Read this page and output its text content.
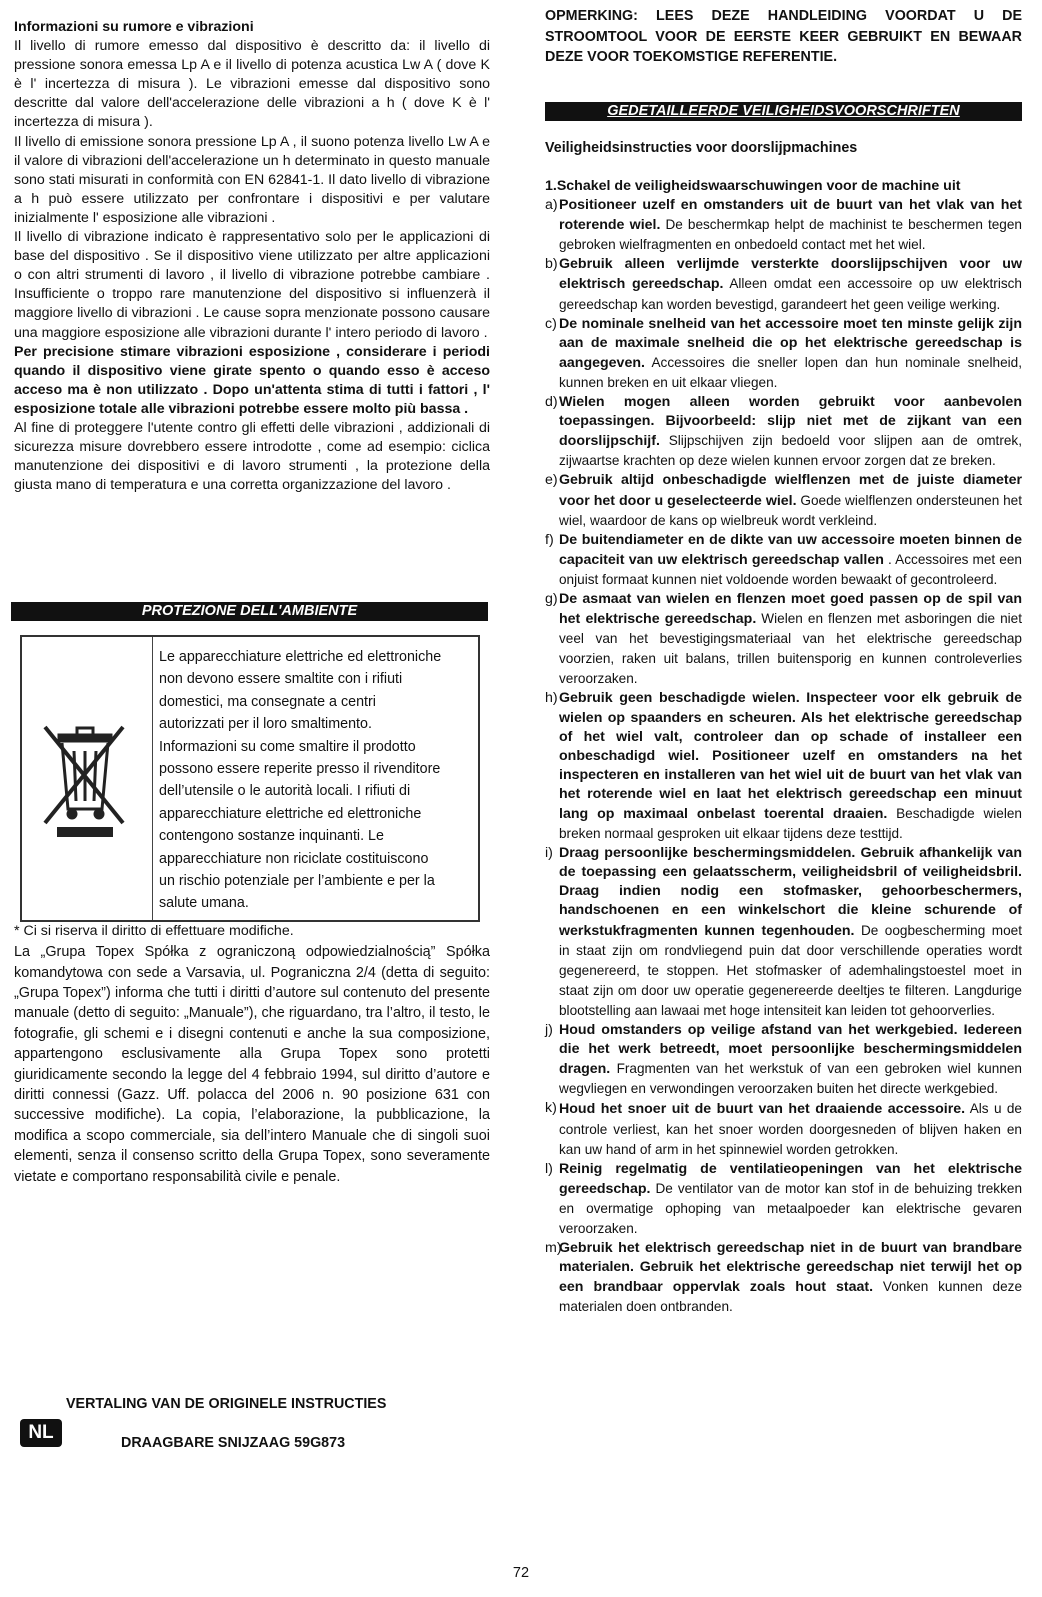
Informazioni su rumore e vibrazioni

Il livello di rumore emesso dal dispositivo è descritto da: il livello di pressione sonora emessa Lp A e il livello di potenza acustica Lw A ( dove K è l' incertezza di misura ). Le vibrazioni emesse dal dispositivo sono descritte dal valore dell'accelerazione delle vibrazioni a h ( dove K è l' incertezza di misura ).

Il livello di emissione sonora pressione Lp A , il suono potenza livello Lw A e il valore di vibrazioni dell'accelerazione un h determinato in questo manuale sono stati misurati in conformità con EN 62841-1. Il dato livello di vibrazione a h può essere utilizzato per confrontare i dispositivi e per valutare inizialmente l' esposizione alle vibrazioni .

Il livello di vibrazione indicato è rappresentativo solo per le applicazioni di base del dispositivo . Se il dispositivo viene utilizzato per altre applicazioni o con altri strumenti di lavoro , il livello di vibrazione potrebbe cambiare . Insufficiente o troppo rare manutenzione del dispositivo si influenzerà il maggiore livello di vibrazioni . Le cause sopra menzionate possono causare una maggiore esposizione alle vibrazioni durante l' intero periodo di lavoro .

Per precisione stimare vibrazioni esposizione , considerare i periodi quando il dispositivo viene girate spento o quando esso è acceso acceso ma è non utilizzato . Dopo un'attenta stima di tutti i fattori , l' esposizione totale alle vibrazioni potrebbe essere molto più bassa .

Al fine di proteggere l'utente contro gli effetti delle vibrazioni , addizionali di sicurezza misure dovrebbero essere introdotte , come ad esempio: ciclica manutenzione dei dispositivi e di lavoro strumenti , la protezione della giusta mano di temperatura e una corretta organizzazione del lavoro .

PROTEZIONE DELL'AMBIENTE
Le apparecchiature elettriche ed elettroniche
non devono essere smaltite con i rifiuti
domestici, ma consegnate a centri
autorizzati per il loro smaltimento.
Informazioni su come smaltire il prodotto
possono essere reperite presso il rivenditore
dell’utensile o le autorità locali. I rifiuti di
apparecchiature elettriche ed elettroniche
contengono sostanze inquinanti. Le
apparecchiature non riciclate costituiscono
un rischio potenziale per l’ambiente e per la
salute umana.

* Ci si riserva il diritto di effettuare modifiche.

La „Grupa Topex Spółka z ograniczoną odpowiedzialnością” Spółka komandytowa con sede a Varsavia, ul. Pograniczna 2/4 (detta di seguito: „Grupa Topex”) informa che tutti i diritti d’autore sul contenuto del presente manuale (detto di seguito: „Manuale”), che riguardano, tra l’altro, il testo, le fotografie, gli schemi e i disegni contenuti e anche la sua composizione, appartengono esclusivamente alla Grupa Topex sono protetti giuridicamente secondo la legge del 4 febbraio 1994, sul diritto d’autore e diritti connessi (Gazz. Uff. polacca del 2006 n. 90 posizione 631 con successive modifiche). La copia, l’elaborazione, la pubblicazione, la modifica a scopo commerciale, sia dell’intero Manuale che di singoli suoi elementi, senza il consenso scritto della Grupa Topex, sono severamente vietate e comportano responsabilità civile e penale.

NL
VERTALING VAN DE ORIGINELE INSTRUCTIES
DRAAGBARE SNIJZAAG 59G873

OPMERKING: LEES DEZE HANDLEIDING VOORDAT U DE STROOMTOOL VOOR DE EERSTE KEER GEBRUIKT EN BEWAAR DEZE VOOR TOEKOMSTIGE REFERENTIE.

GEDETAILLEERDE VEILIGHEIDSVOORSCHRIFTEN
Veiligheidsinstructies voor doorslijpmachines

1.Schakel de veiligheidswaarschuwingen voor de machine uit

a) Positioneer uzelf en omstanders uit de buurt van het vlak van het roterende wiel. De beschermkap helpt de machinist te beschermen tegen gebroken wielfragmenten en onbedoeld contact met het wiel.

b) Gebruik alleen verlijmde versterkte doorslijpschijven voor uw elektrisch gereedschap. Alleen omdat een accessoire op uw elektrisch gereedschap kan worden bevestigd, garandeert het geen veilige werking.

c) De nominale snelheid van het accessoire moet ten minste gelijk zijn aan de maximale snelheid die op het elektrische gereedschap is aangegeven. Accessoires die sneller lopen dan hun nominale snelheid, kunnen breken en uit elkaar vliegen.

d) Wielen mogen alleen worden gebruikt voor aanbevolen toepassingen. Bijvoorbeeld: slijp niet met de zijkant van een doorslijpschijf. Slijpschijven zijn bedoeld voor slijpen aan de omtrek, zijwaartse krachten op deze wielen kunnen ervoor zorgen dat ze breken.

e) Gebruik altijd onbeschadigde wielflenzen met de juiste diameter voor het door u geselecteerde wiel. Goede wielflenzen ondersteunen het wiel, waardoor de kans op wielbreuk wordt verkleind.

f) De buitendiameter en de dikte van uw accessoire moeten binnen de capaciteit van uw elektrisch gereedschap vallen . Accessoires met een onjuist formaat kunnen niet voldoende worden bewaakt of gecontroleerd.

g) De asmaat van wielen en flenzen moet goed passen op de spil van het elektrische gereedschap. Wielen en flenzen met asboringen die niet veel van het bevestigingsmateriaal van het elektrische gereedschap voorzien, raken uit balans, trillen buitensporig en kunnen controleverlies veroorzaken.

h) Gebruik geen beschadigde wielen. Inspecteer voor elk gebruik de wielen op spaanders en scheuren. Als het elektrische gereedschap of het wiel valt, controleer dan op schade of installeer een onbeschadigd wiel. Positioneer uzelf en omstanders na het inspecteren en installeren van het wiel uit de buurt van het vlak van het roterende wiel en laat het elektrisch gereedschap een minuut lang op maximaal onbelast toerental draaien. Beschadigde wielen breken normaal gesproken uit elkaar tijdens deze testtijd.

i) Draag persoonlijke beschermingsmiddelen. Gebruik afhankelijk van de toepassing een gelaatsscherm, veiligheidsbril of veiligheidsbril. Draag indien nodig een stofmasker, gehoorbeschermers, handschoenen en een winkelschort die kleine schurende of werkstukfragmenten kunnen tegenhouden. De oogbescherming moet in staat zijn om rondvliegend puin dat door verschillende operaties wordt gegenereerd, te stoppen. Het stofmasker of ademhalingstoestel moet in staat zijn om door uw operatie gegenereerde deeltjes te filteren. Langdurige blootstelling aan lawaai met hoge intensiteit kan leiden tot gehoorverlies.

j) Houd omstanders op veilige afstand van het werkgebied. Iedereen die het werk betreedt, moet persoonlijke beschermingsmiddelen dragen. Fragmenten van het werkstuk of van een gebroken wiel kunnen wegvliegen en verwondingen veroorzaken buiten het directe werkgebied.

k) Houd het snoer uit de buurt van het draaiende accessoire. Als u de controle verliest, kan het snoer worden doorgesneden of blijven haken en kan uw hand of arm in het spinnewiel worden getrokken.

l) Reinig regelmatig de ventilatieopeningen van het elektrische gereedschap. De ventilator van de motor kan stof in de behuizing trekken en overmatige ophoping van metaalpoeder kan elektrische gevaren veroorzaken.

m)
Gebruik het elektrisch gereedschap niet in de buurt van brandbare materialen. Gebruik het elektrische gereedschap niet terwijl het op een brandbaar oppervlak zoals hout staat. Vonken kunnen deze materialen doen ontbranden.

72
